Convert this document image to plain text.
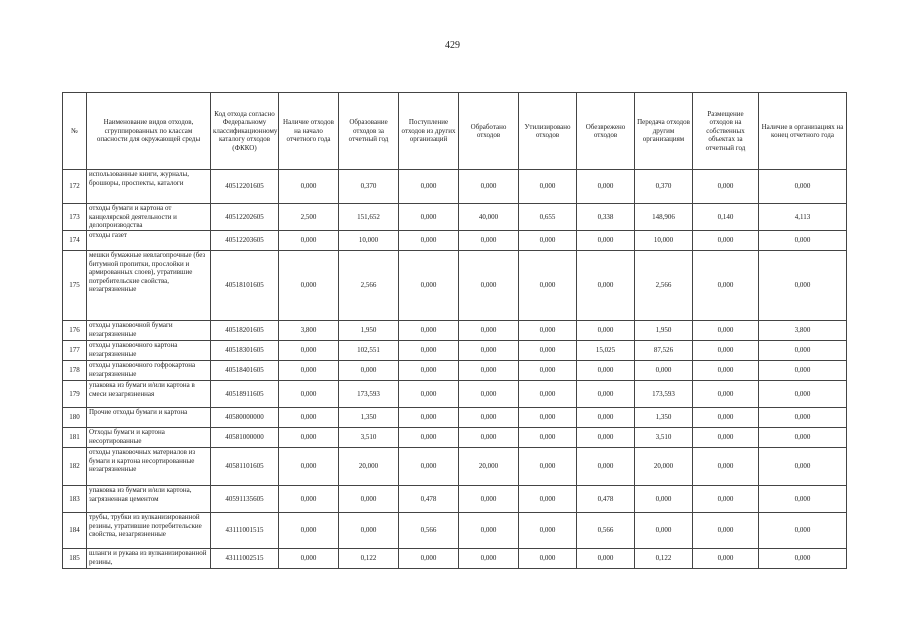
429
№	Наименование видов отходов, сгруппированных по классам опасности для окружающей среды	Код отхода согласно Федеральному классификационному каталогу отходов (ФККО)	Наличие отходов на начало отчетного года	Образование отходов за отчетный год	Поступление отходов из других организаций	Обработано отходов	Утилизировано отходов	Обезврежено отходов	Передача отходов другим организациям	Размещение отходов на собственных объектах за отчетный год	Наличие в организациях на конец отчетного года
172	использованные книги, журналы, брошюры, проспекты, каталоги	40512201605	0,000	0,370	0,000	0,000	0,000	0,000	0,370	0,000	0,000
173	отходы бумаги и картона от канцелярской деятельности и делопроизводства	40512202605	2,500	151,652	0,000	40,000	0,655	0,338	148,906	0,140	4,113
174	отходы газет	40512203605	0,000	10,000	0,000	0,000	0,000	0,000	10,000	0,000	0,000
175	мешки бумажные невлагопрочные (без битумной пропитки, прослойки и армированных слоев), утратившие потребительские свойства, незагрязненные	40518101605	0,000	2,566	0,000	0,000	0,000	0,000	2,566	0,000	0,000
176	отходы упаковочной бумаги незагрязненные	40518201605	3,800	1,950	0,000	0,000	0,000	0,000	1,950	0,000	3,800
177	отходы упаковочного картона незагрязненные	40518301605	0,000	102,551	0,000	0,000	0,000	15,025	87,526	0,000	0,000
178	отходы упаковочного гофрокартона незагрязненные	40518401605	0,000	0,000	0,000	0,000	0,000	0,000	0,000	0,000	0,000
179	упаковка из бумаги и/или картона в смеси незагрязненная	40518911605	0,000	173,593	0,000	0,000	0,000	0,000	173,593	0,000	0,000
180	Прочие отходы бумаги и картона	40580000000	0,000	1,350	0,000	0,000	0,000	0,000	1,350	0,000	0,000
181	Отходы бумаги и картона несортированные	40581000000	0,000	3,510	0,000	0,000	0,000	0,000	3,510	0,000	0,000
182	отходы упаковочных материалов из бумаги и картона несортированные незагрязненные	40581101605	0,000	20,000	0,000	20,000	0,000	0,000	20,000	0,000	0,000
183	упаковка из бумаги и/или картона, загрязненная цементом	40591135605	0,000	0,000	0,478	0,000	0,000	0,478	0,000	0,000	0,000
184	трубы, трубки из вулканизированной резины, утратившие потребительские свойства, незагрязненные	43111001515	0,000	0,000	0,566	0,000	0,000	0,566	0,000	0,000	0,000
185	шланги и рукава из вулканизированной резины,	43111002515	0,000	0,122	0,000	0,000	0,000	0,000	0,122	0,000	0,000
